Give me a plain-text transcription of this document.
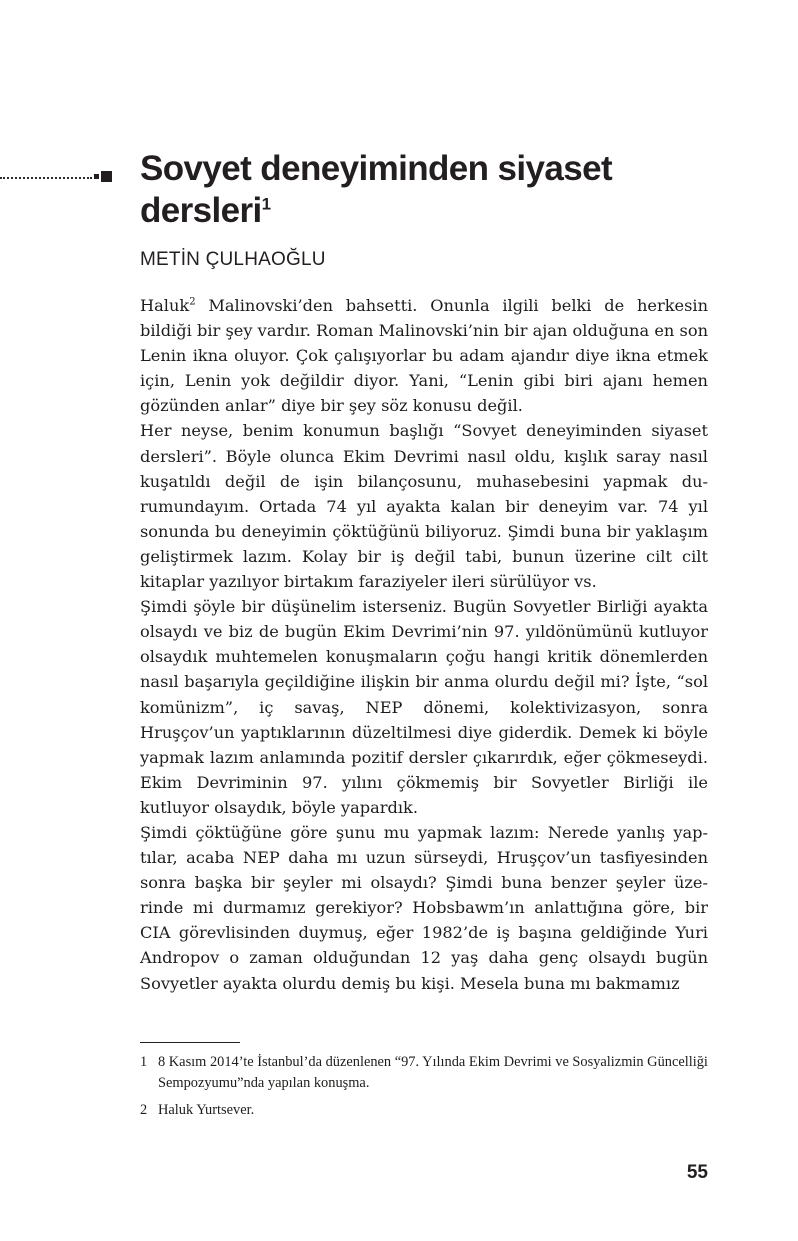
Sovyet deneyiminden siyaset
dersleri$^1$

METİN ÇULHAOĞLU

Haluk$^2$ Malinovski’den bahsetti. Onunla ilgili belki de herkesin bildiği bir şey vardır. Roman Malinovski’nin bir ajan olduğuna en son Lenin ikna oluyor. Çok çalışıyorlar bu adam ajandır diye ikna etmek için, Lenin yok değildir diyor. Yani, “Lenin gibi biri ajanı hemen gözünden anlar” diye bir şey söz konusu değil.

Her neyse, benim konumun başlığı “Sovyet deneyiminden siyaset dersleri”. Böyle olunca Ekim Devrimi nasıl oldu, kışlık saray nasıl kuşatıldı değil de işin bilançosunu, muhasebesini yapmak durumundayım. Ortada 74 yıl ayakta kalan bir deneyim var. 74 yıl sonunda bu deneyimin çöktüğünü biliyoruz. Şimdi buna bir yaklaşım geliştirmek lazım. Kolay bir iş değil tabi, bunun üzerine cilt cilt kitaplar yazılıyor birtakım faraziyeler ileri sürülüyor vs.

Şimdi şöyle bir düşünelim isterseniz. Bugün Sovyetler Birliği ayakta olsaydı ve biz de bugün Ekim Devrimi’nin 97. yıldönümünü kutluyor olsaydık muhtemelen konuşmaların çoğu hangi kritik dönemlerden nasıl başarıyla geçildiğine ilişkin bir anma olurdu değil mi? İşte, “sol komünizm”, iç savaş, NEP dönemi, kolektivizasyon, sonra Hruşçov’un yaptıklarının düzeltilmesi diye giderdik. Demek ki böyle yapmak lazım anlamında pozitif dersler çıkarırdık, eğer çökmeseydi. Ekim Devriminin 97. yılını çökmemiş bir Sovyetler Birliği ile kutluyor olsaydık, böyle yapardık.

Şimdi çöktüğüne göre şunu mu yapmak lazım: Nerede yanlış yaptılar, acaba NEP daha mı uzun sürseydi, Hruşçov’un tasfiyesinden sonra başka bir şeyler mi olsaydı? Şimdi buna benzer şeyler üzerinde mi durmamız gerekiyor? Hobsbawm’ın anlattığına göre, bir CIA görevlisinden duymuş, eğer 1982’de iş başına geldiğinde Yuri Andropov o zaman olduğundan 12 yaş daha genç olsaydı bugün Sovyetler ayakta olurdu demiş bu kişi. Mesela buna mı bakmamız

1 8 Kasım 2014’te İstanbul’da düzenlenen “97. Yılında Ekim Devrimi ve Sosyalizmin Güncelliği Sempozyumu”nda yapılan konuşma.
2 Haluk Yurtsever.
55
